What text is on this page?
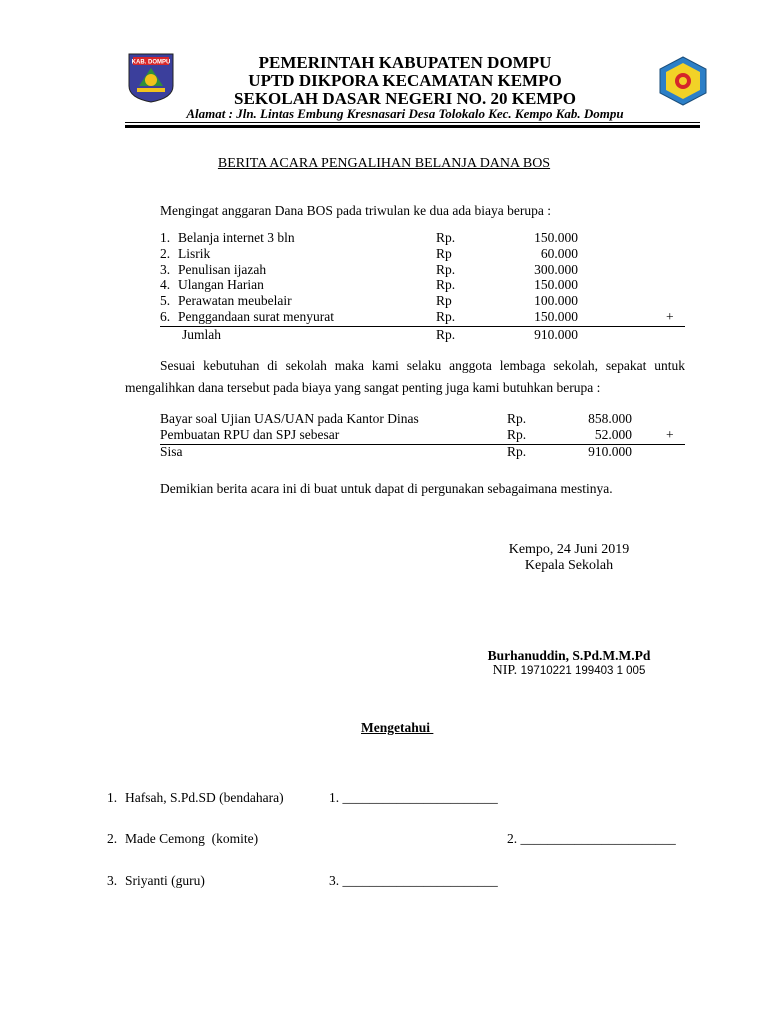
KAB. DOMPU	PEMERINTAH KABUPATEN DOMPU
UPTD DIKPORA KECAMATAN KEMPO
SEKOLAH DASAR NEGERI NO. 20 KEMPO
Alamat : Jln. Lintas Embung Kresnasari Desa Tolokalo Kec. Kempo Kab. Dompu
BERITA ACARA PENGALIHAN BELANJA DANA BOS
Mengingat anggaran Dana BOS pada triwulan ke dua ada biaya berupa :
1. Belanja internet 3 bln	Rp.	150.000
2. Lisrik	Rp	60.000
3. Penulisan ijazah	Rp.	300.000
4. Ulangan Harian	Rp.	150.000
5. Perawatan meubelair	Rp	100.000
6. Penggandaan surat menyurat	Rp.	150.000	+
Jumlah	Rp.	910.000
Sesuai kebutuhan di sekolah maka kami selaku anggota lembaga sekolah, sepakat untuk mengalihkan dana tersebut pada biaya yang sangat penting juga kami butuhkan berupa :
Bayar soal Ujian UAS/UAN pada Kantor Dinas	Rp.	858.000
Pembuatan RPU dan SPJ sebesar	Rp.	52.000	+
Sisa	Rp.	910.000
Demikian berita acara ini di buat untuk dapat di pergunakan sebagaimana mestinya.
Kempo, 24 Juni 2019
Kepala Sekolah
Burhanuddin, S.Pd.M.M.Pd
NIP. 19710221 199403 1 005
Mengetahui
1. Hafsah, S.Pd.SD (bendahara)	1. _______________________
2. Made Cemong  (komite)	2. _______________________
3. Sriyanti (guru)	3. _______________________
